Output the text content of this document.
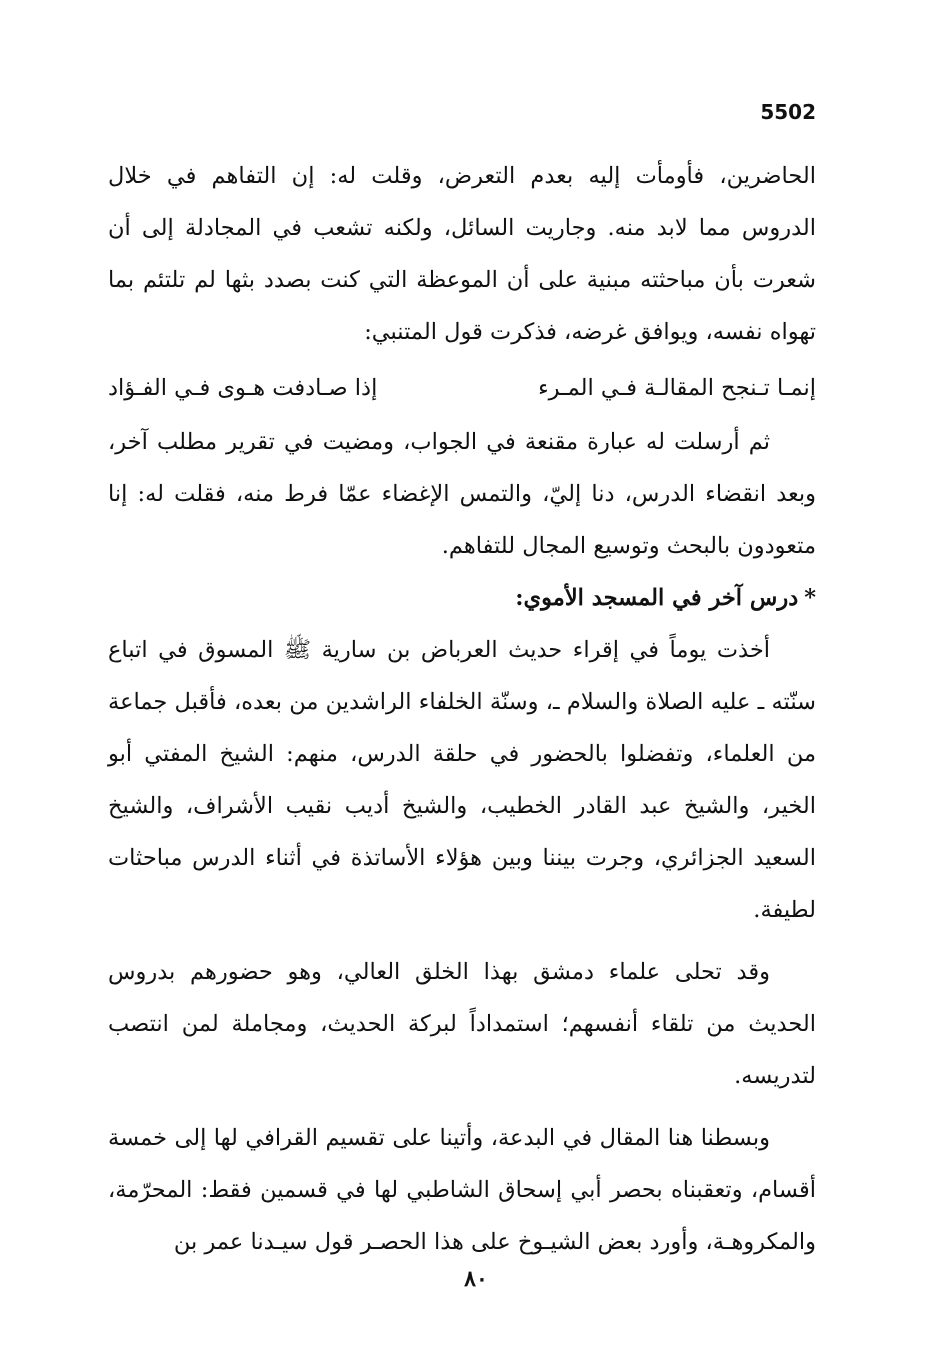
5502

الحاضرين، فأومأت إليه بعدم التعرض، وقلت له: إن التفاهم في خلال الدروس مما لابد منه. وجاريت السائل، ولكنه تشعب في المجادلة إلى أن شعرت بأن مباحثته مبنية على أن الموعظة التي كنت بصدد بثها لم تلتئم بما تهواه نفسه، ويوافق غرضه، فذكرت قول المتنبي:

إنمـا تـنجح المقالـة فـي المـرء
إذا صـادفت هـوى فـي الفـؤاد

ثم أرسلت له عبارة مقنعة في الجواب، ومضيت في تقرير مطلب آخر، وبعد انقضاء الدرس، دنا إليّ، والتمس الإغضاء عمّا فرط منه، فقلت له: إنا متعودون بالبحث وتوسيع المجال للتفاهم.

*درس آخر في المسجد الأموي:

أخذت يوماً في إقراء حديث العرباض بن سارية ﷺ المسوق في اتباع سنّته ـ عليه الصلاة والسلام ـ، وسنّة الخلفاء الراشدين من بعده، فأقبل جماعة من العلماء، وتفضلوا بالحضور في حلقة الدرس، منهم: الشيخ المفتي أبو الخير، والشيخ عبد القادر الخطيب، والشيخ أديب نقيب الأشراف، والشيخ السعيد الجزائري، وجرت بيننا وبين هؤلاء الأساتذة في أثناء الدرس مباحثات لطيفة.

وقد تحلى علماء دمشق بهذا الخلق العالي، وهو حضورهم بدروس الحديث من تلقاء أنفسهم؛ استمداداً لبركة الحديث، ومجاملة لمن انتصب لتدريسه.

وبسطنا هنا المقال في البدعة، وأتينا على تقسيم القرافي لها إلى خمسة أقسام، وتعقبناه بحصر أبي إسحاق الشاطبي لها في قسمين فقط: المحرّمة، والمكروهـة، وأورد بعض الشيـوخ على هذا الحصـر قول سيـدنا عمر بن

٨٠
